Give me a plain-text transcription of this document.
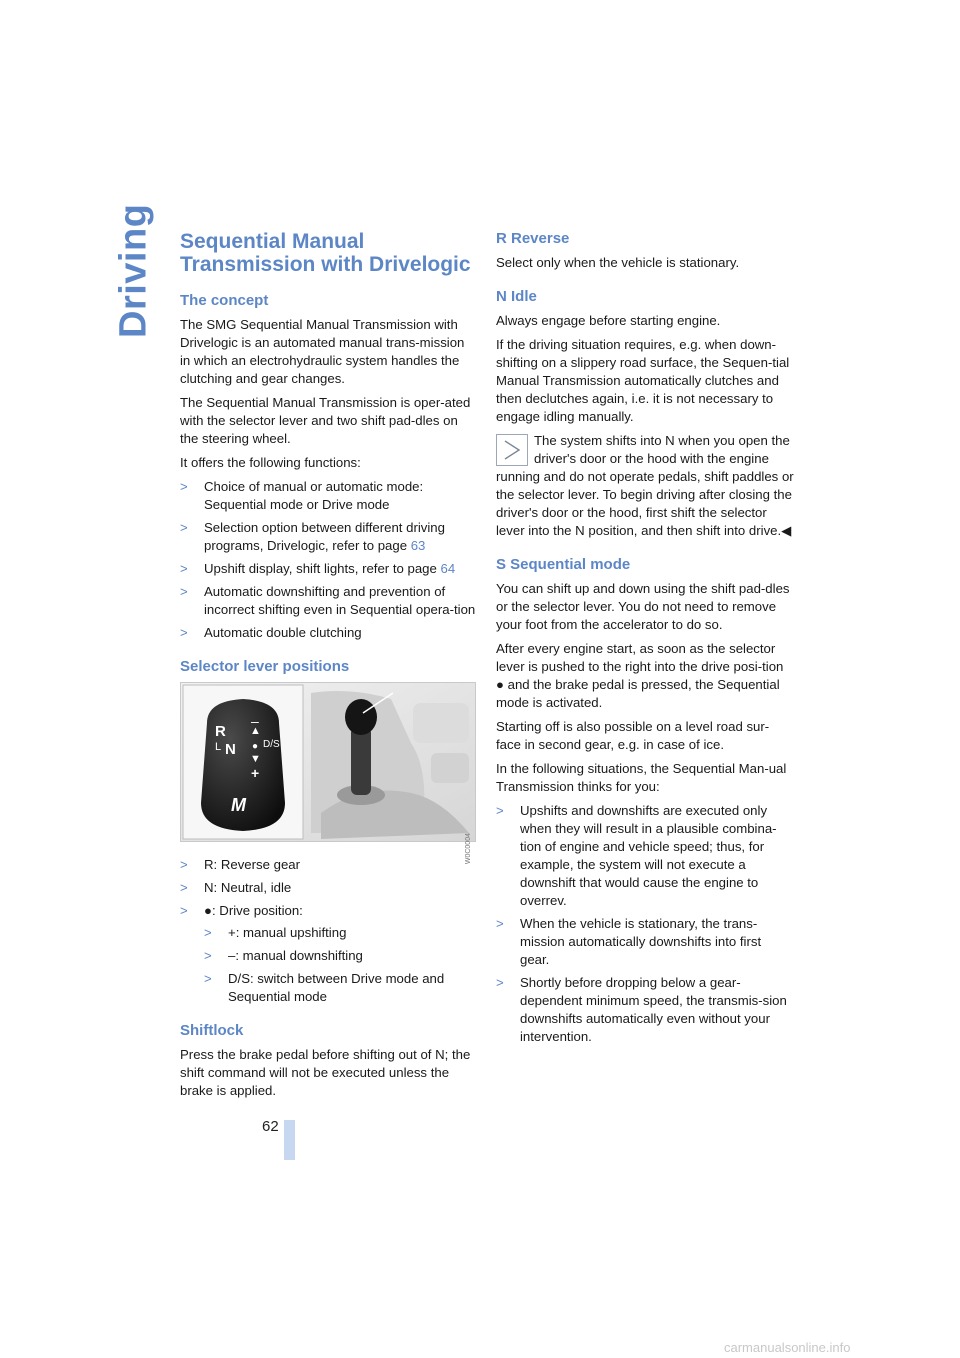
Driving Sequential Manual Transmission with Drivelogic
The concept

The SMG Sequential Manual Transmission with Drivelogic is an automated manual trans-mission in which an electrohydraulic system handles the clutching and gear changes.

The Sequential Manual Transmission is oper-ated with the selector lever and two shift pad-dles on the steering wheel.

It offers the following functions:

> Choice of manual or automatic mode: Sequential mode or Drive mode
> Selection option between different driving programs, Drivelogic, refer to page 63
> Upshift display, shift lights, refer to page 64
> Automatic downshifting and prevention of incorrect shifting even in Sequential opera-tion
> Automatic double clutching
Selector lever positions
R
L N
▲
–
● D/S
▼
+
M
W0C0004
> R: Reverse gear
> N: Neutral, idle
> ●: Drive position:
> +: manual upshifting
> –: manual downshifting
> D/S: switch between Drive mode and Sequential mode
Shiftlock

Press the brake pedal before shifting out of N; the shift command will not be executed unless the brake is applied.

R Reverse

Select only when the vehicle is stationary.

N Idle

Always engage before starting engine.

If the driving situation requires, e.g. when down-shifting on a slippery road surface, the Sequen-tial Manual Transmission automatically clutches and then declutches again, i.e. it is not necessary to engage idling manually.

The system shifts into N when you open the driver's door or the hood with the engine running and do not operate pedals, shift paddles or the selector lever. To begin driving after closing the driver's door or the hood, first shift the selector lever into the N position, and then shift into drive.◀

S Sequential mode

You can shift up and down using the shift pad-dles or the selector lever. You do not need to remove your foot from the accelerator to do so.

After every engine start, as soon as the selector lever is pushed to the right into the drive posi-tion ● and the brake pedal is pressed, the Sequential mode is activated.

Starting off is also possible on a level road sur-face in second gear, e.g. in case of ice.

In the following situations, the Sequential Man-ual Transmission thinks for you:

> Upshifts and downshifts are executed only when they will result in a plausible combina-tion of engine and vehicle speed; thus, for example, the system will not execute a downshift that would cause the engine to overrev.
> When the vehicle is stationary, the trans-mission automatically downshifts into first gear.
> Shortly before dropping below a gear-dependent minimum speed, the transmis-sion downshifts automatically even without your intervention.
62
carmanualsonline.info
